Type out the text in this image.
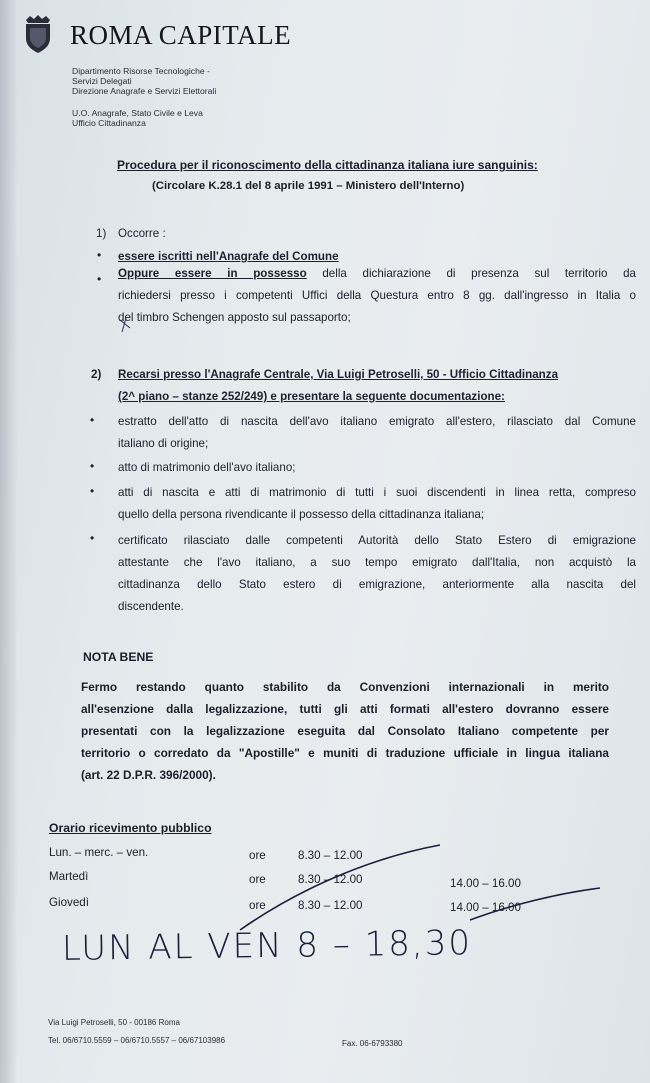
ROMA CAPITALE
Dipartimento Risorse Tecnologiche -
Servizi Delegati
Direzione Anagrafe e Servizi Elettorali
U.O. Anagrafe, Stato Civile e Leva
Ufficio Cittadinanza
Procedura per il riconoscimento della cittadinanza italiana iure sanguinis:
(Circolare K.28.1 del 8 aprile 1991 – Ministero dell'Interno)
1) Occorre :
• essere iscritti nell'Anagrafe del Comune
• Oppure essere in possesso della dichiarazione di presenza sul territorio da
richiedersi presso i competenti Uffici della Questura entro 8 gg. dall'ingresso in Italia o
del timbro Schengen apposto sul passaporto;
2) Recarsi presso l'Anagrafe Centrale, Via Luigi Petroselli, 50 - Ufficio Cittadinanza
(2^ piano – stanze 252/249) e presentare la seguente documentazione:
• estratto dell'atto di nascita dell'avo italiano emigrato all'estero, rilasciato dal Comune
italiano di origine;
• atto di matrimonio dell'avo italiano;
• atti di nascita e atti di matrimonio di tutti i suoi discendenti in linea retta, compreso
quello della persona rivendicante il possesso della cittadinanza italiana;
• certificato rilasciato dalle competenti Autorità dello Stato Estero di emigrazione
attestante che l'avo italiano, a suo tempo emigrato dall'Italia, non acquistò la
cittadinanza dello Stato estero di emigrazione, anteriormente alla nascita del
discendente.
NOTA BENE
Fermo restando quanto stabilito da Convenzioni internazionali in merito
all'esenzione dalla legalizzazione, tutti gli atti formati all'estero dovranno essere
presentati con la legalizzazione eseguita dal Consolato Italiano competente per
territorio o corredato da "Apostille" e muniti di traduzione ufficiale in lingua italiana
(art. 22 D.P.R. 396/2000).
Orario ricevimento pubblico
Lun. – merc. – ven.	ore	8.30 – 12.00
Martedì	ore	8.30 – 12.00	14.00 – 16.00
Giovedì	ore	8.30 – 12.00	14.00 – 16.00
LUN AL VEN 8 – 18,30
Via Luigi Petroselli, 50 - 00186 Roma
Tel. 06/6710.5559 – 06/6710.5557 – 06/67103986	Fax. 06-6793380
